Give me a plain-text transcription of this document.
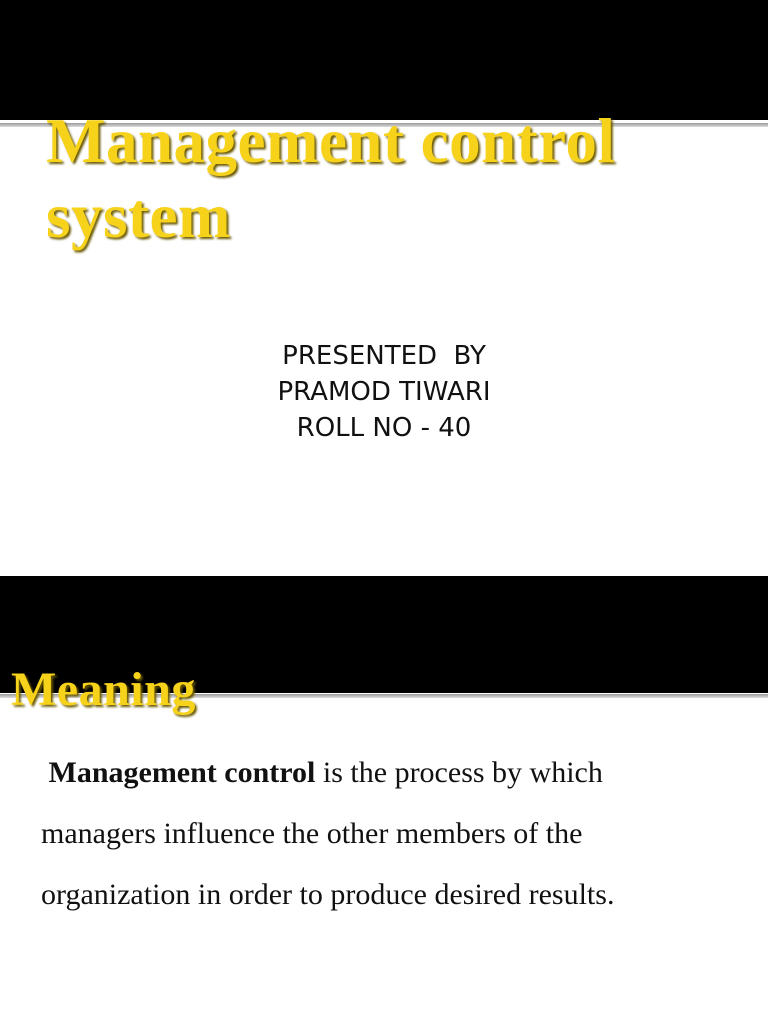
Management control
system
PRESENTED  BY
PRAMOD TIWARI
ROLL NO - 40
Meaning
Management control is the process by which
managers influence the other members of the
organization in order to produce desired results.
